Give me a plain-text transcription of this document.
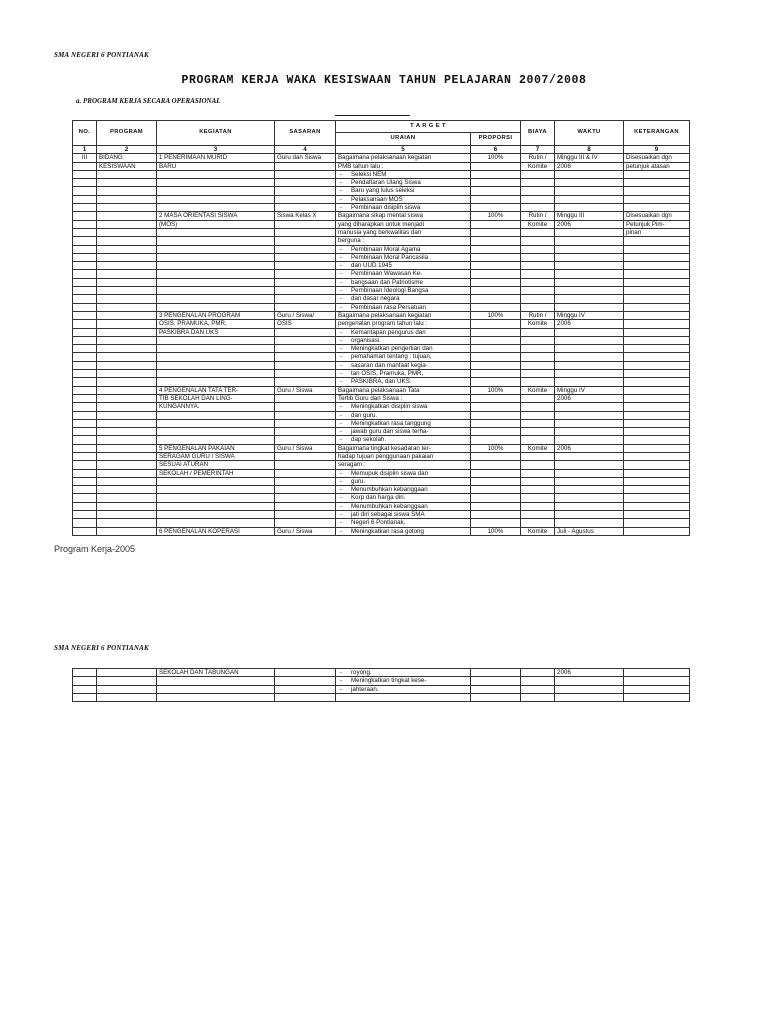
SMA NEGERI 6 PONTIANAK
PROGRAM KERJA WAKA KESISWAAN TAHUN PELAJARAN 2007/2008
a. PROGRAM KERJA SECARA OPERASIONAL
NO.	PROGRAM	KEGIATAN	SASARAN	T A R G E T		BIAYA	WAKTU	KETERANGAN
				URAIAN	PROPORSI			
1	2	3	4	5	6	7	8	9
III	BIDANG	1 PENERIMAAN MURID	Guru dan Siswa	Bagaimana pelaksanaan kegiatan	100%	Rutin /	Minggu III & IV	Disesuaikan dgn
	KESISWAAN	BARU		PMB tahun lalu :		Komite	2006	petunjuk atasan
				- Seleksi NEM				
				- Pendaftaran Ulang Siswa				
				- Baru yang lulus seleksi				
				- Pelaksanaan MOS				
				- Pembinaan disiplin siswa				
		2 MASA ORIENTASI SISWA	Siswa Kelas X	Bagaimana sikap mental siswa	100%	Rutin /	Minggu III	Disesuaikan dgn
		(MOS)		yang diharapkan untuk menjadi		Komite	2006	Petunjuk Pim-
				manusia yang berkwalitas dan				pinan
				berguna :				
				- Pembinaan Moral Agama				
				- Pembinaan Moral Pancasila				
				- dan UUD 1945				
				- Pembinaan Wawasan Ke-				
				- bangsaan dan Patriotisme				
				- Pembinaan Ideologi Bangsa				
				- dan dasar negara				
				- Pembinaan rasa Persatuan				
		3 PENGENALAN PROGRAM	Guru / Siswa/	Bagaimana pelaksanaan kegiatan	100%	Rutin /	Minggu IV	
		OSIS, PRAMUKA, PMR,	OSIS	pengenalan program tahun lalu :		Komite	2006	
		PASKIBRA DAN UKS		- Kemantapan pengurus dan				
				- organisasi.				
				- Meningkatkan pengertian dan				
				- pemahaman tentang : tujuan,				
				- sasaran dan manfaat kegia-				
				- tan OSIS, Pramuka, PMR,				
				- PASKIBRA, dan UKS.				
		4 PENGENALAN TATA TER-	Guru / Siswa	Bagaimana pelaksanaan Tata	100%	Komite	Minggu IV	
		TIB SEKOLAH DAN LING-		Tertib Guru dan Siswa :			2006	
		KUNGANNYA.		- Meningkatkan disiplin siswa				
				- dan guru.				
				- Meningkatkan rasa tanggung				
				- jawab guru dan siswa terha-				
				- dap sekolah.				
		5 PENGENALAN PAKAIAN	Guru / Siswa	Bagaimana tingkat kesadaran ter-	100%	Komite	2006	
		SERAGAM GURU / SISWA		hadap tujuan penggunaan pakaian				
		SESUAI ATURAN		seragam :				
		SEKOLAH / PEMERINTAH		- Memupuk disiplin siswa dan				
				- guru.				
				- Menumbuhkan kebanggaan				
				- Korp dan harga diri.				
				- Menumbuhkan kebanggaan				
				- jati diri sebagai siswa SMA				
				- Negeri 6 Pontianak.				
		6 PENGENALAN KOPERASI	Guru / Siswa	- Meningkatkan rasa gotong	100%	Komite	Juli - Agustus	
Program Kerja-2005
SMA NEGERI 6 PONTIANAK
		SEKOLAH DAN TABUNGAN		- royong.			2006	
				- Meningkatkan tingkat kese-				
				- jahteraan.				
